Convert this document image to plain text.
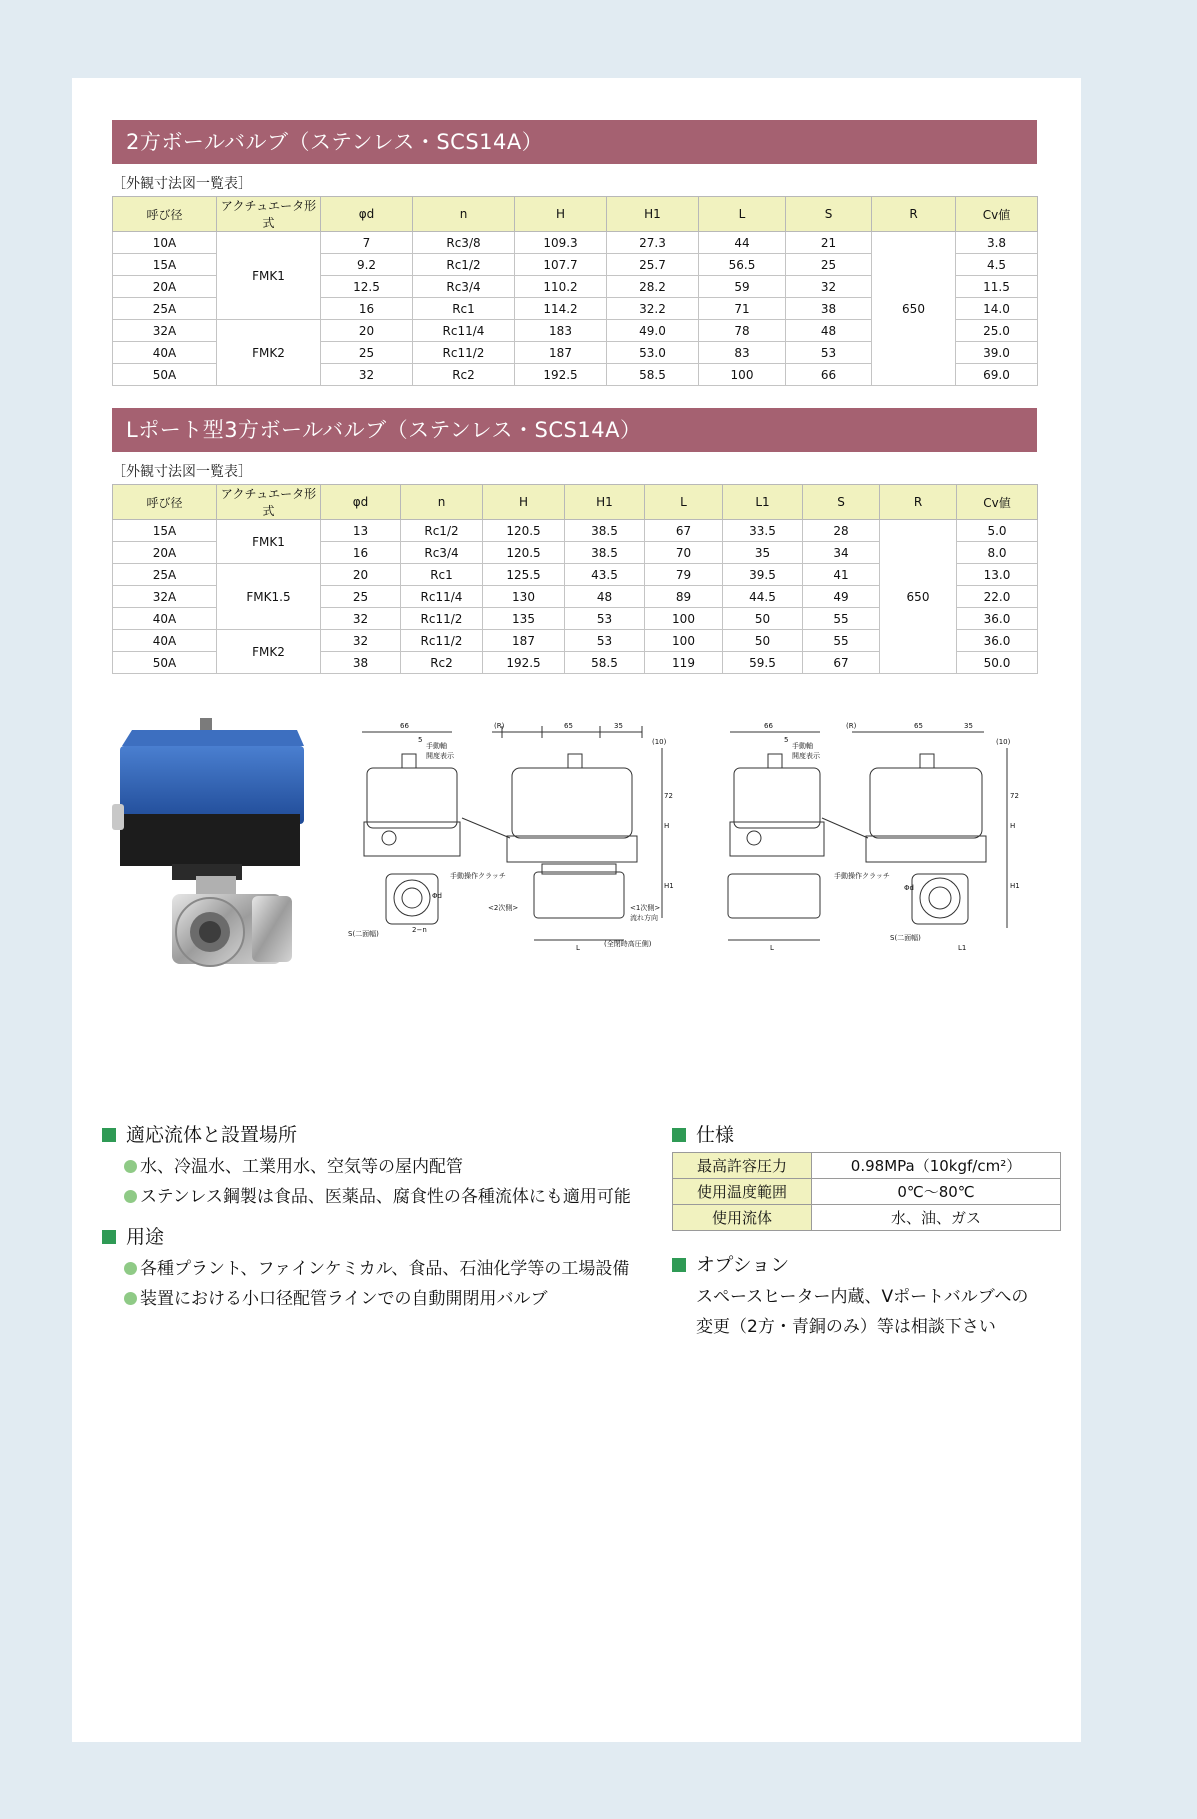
2方ボールバルブ（ステンレス・SCS14A）
［外観寸法図一覧表］
呼び径	アクチュエータ形式	φd	n	H	H1	L	S	R	Cv値
10A	FMK1	7	Rc3/8	109.3	27.3	44	21	650	3.8
15A		9.2	Rc1/2	107.7	25.7	56.5	25		4.5
20A		12.5	Rc3/4	110.2	28.2	59	32		11.5
25A		16	Rc1	114.2	32.2	71	38		14.0
32A	FMK2	20	Rc11/4	183	49.0	78	48		25.0
40A		25	Rc11/2	187	53.0	83	53		39.0
50A		32	Rc2	192.5	58.5	100	66		69.0
Lポート型3方ボールバルブ（ステンレス・SCS14A）
［外観寸法図一覧表］
呼び径	アクチュエータ形式	φd	n	H	H1	L	L1	S	R	Cv値
15A	FMK1	13	Rc1/2	120.5	38.5	67	33.5	28	650	5.0
20A		16	Rc3/4	120.5	38.5	70	35	34		8.0
25A	FMK1.5	20	Rc1	125.5	43.5	79	39.5	41		13.0
32A		25	Rc11/4	130	48	89	44.5	49		22.0
40A		32	Rc11/2	135	53	100	50	55		36.0
40A	FMK2	32	Rc11/2	187	53	100	50	55		36.0
50A		38	Rc2	192.5	58.5	119	59.5	67		50.0
66
5
(R)	65	35
(10)
72
H
H1
L
手動軸
開度表示
手動操作クラッチ
Φd
S(二面幅)	2−n
<2次側>	<1次側>
流れ方向
(全閉時高圧側)
66
5
(R)	65	35
(10)
72
H
H1
L	L1
手動軸
開度表示
手動操作クラッチ
Φd
S(二面幅)
適応流体と設置場所
水、冷温水、工業用水、空気等の屋内配管
ステンレス鋼製は食品、医薬品、腐食性の各種流体にも適用可能
用途
各種プラント、ファインケミカル、食品、石油化学等の工場設備
装置における小口径配管ラインでの自動開閉用バルブ
仕様
最高許容圧力	0.98MPa（10kgf/cm²）
使用温度範囲	0℃〜80℃
使用流体	水、油、ガス
オプション
スペースヒーター内蔵、Vポートバルブへの
変更（2方・青銅のみ）等は相談下さい
